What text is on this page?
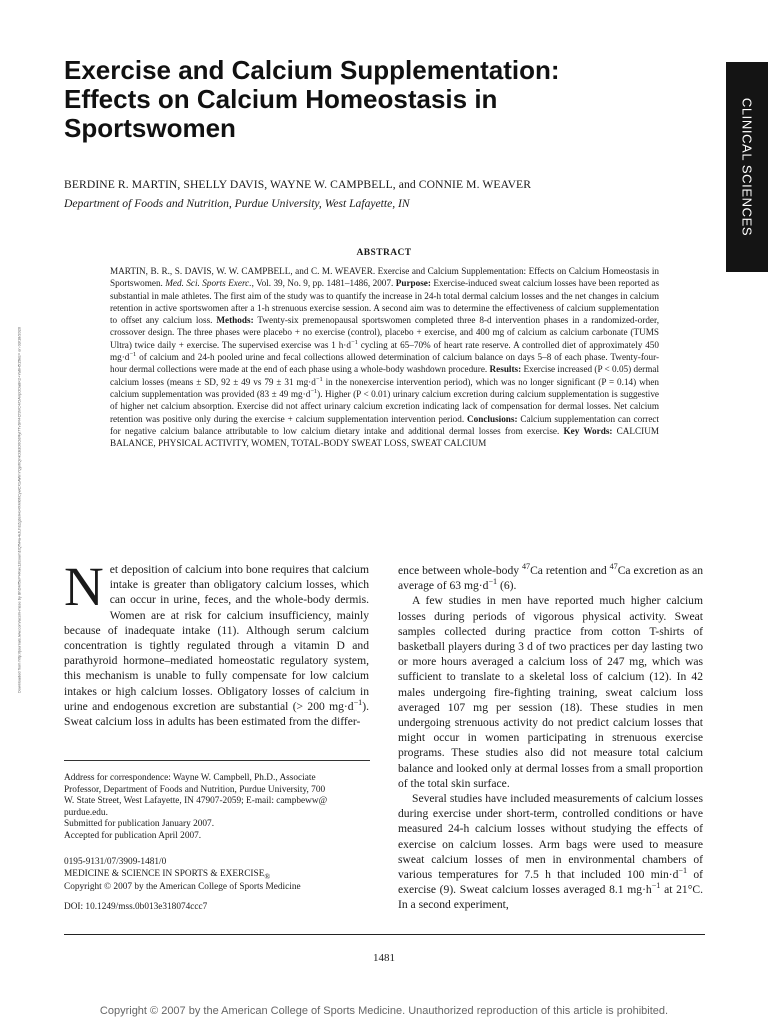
Exercise and Calcium Supplementation:
Effects on Calcium Homeostasis in
Sportswomen
BERDINE R. MARTIN, SHELLY DAVIS, WAYNE W. CAMPBELL, and CONNIE M. WEAVER
Department of Foods and Nutrition, Purdue University, West Lafayette, IN	CLINICAL SCIENCES
Downloaded from http://journals.lww.com/acsm-msse by BhDMf5ePHKav1zEoum1tQfN4a+kJLhEZgbsIHo4XMi0hCywCX1AWnYQp/IlQrHD3i3D0OdRyi7TvSFl4Cf3VC4/OAVpDDa8K2+Ya6H515kE= on 03/18/2020
ABSTRACT

MARTIN, B. R., S. DAVIS, W. W. CAMPBELL, and C. M. WEAVER. Exercise and Calcium Supplementation: Effects on Calcium Homeostasis in Sportswomen. Med. Sci. Sports Exerc., Vol. 39, No. 9, pp. 1481–1486, 2007. Purpose: Exercise-induced sweat calcium losses have been reported as substantial in male athletes. The first aim of the study was to quantify the increase in 24-h total dermal calcium losses and the net changes in calcium retention in active sportswomen after a 1-h strenuous exercise session. A second aim was to determine the effectiveness of calcium supplementation to offset any calcium loss. Methods: Twenty-six premenopausal sportswomen completed three 8-d intervention phases in a randomized-order, crossover design. The three phases were placebo + no exercise (control), placebo + exercise, and 400 mg of calcium as calcium carbonate (TUMS Ultra) twice daily + exercise. The supervised exercise was 1 $h\cdot d^{-1}$ cycling at 65–70% of heart rate reserve. A controlled diet of approximately 450 $mg\cdot d^{-1}$ of calcium and 24-h pooled urine and fecal collections allowed determination of calcium balance on days 5–8 of each phase. Twenty-four-hour dermal collections were made at the end of each phase using a whole-body washdown procedure. Results: Exercise increased (P < 0.05) dermal calcium losses (means ± SD, 92 ± 49 vs 79 ± 31 $mg\cdot d^{-1}$ in the nonexercise intervention period), which was no longer significant (P = 0.14) when calcium supplementation was provided (83 ± 49 $mg\cdot d^{-1}$). Higher (P < 0.01) urinary calcium excretion during calcium supplementation is suggestive of higher net calcium absorption. Exercise did not affect urinary calcium excretion indicating lack of compensation for dermal losses. Net calcium retention was positive only during the exercise + calcium supplementation intervention period. Conclusions: Calcium supplementation can correct for negative calcium balance attributable to low calcium dietary intake and additional dermal losses from exercise. Key Words: CALCIUM BALANCE, PHYSICAL ACTIVITY, WOMEN, TOTAL-BODY SWEAT LOSS, SWEAT CALCIUM

Net deposition of calcium into bone requires that calcium intake is greater than obligatory calcium losses, which can occur in urine, feces, and the whole-body dermis. Women are at risk for calcium insufficiency, mainly because of inadequate intake (11). Although serum calcium concentration is tightly regulated through a vitamin D and parathyroid hormone–mediated homeostatic regulatory system, this mechanism is unable to fully compensate for low calcium intakes or high calcium losses. Obligatory losses of calcium in urine and endogenous excretion are substantial (> 200 $mg\cdot d^{-1}$). Sweat calcium loss in adults has been estimated from the differ-

ence between whole-body $^{47}$Ca retention and $^{47}$Ca excretion as an average of 63 $mg\cdot d^{-1}$ (6).

A few studies in men have reported much higher calcium losses during periods of vigorous physical activity. Sweat samples collected during practice from cotton T-shirts of basketball players during 3 d of two practices per day lasting two or more hours averaged a calcium loss of 247 mg, which was sufficient to translate to a skeletal loss of calcium (12). In 42 males undergoing fire-fighting training, sweat calcium loss averaged 107 mg per session (18). These studies in men undergoing strenuous activity do not predict calcium losses that might occur in women participating in strenuous exercise programs. These studies also did not measure total calcium balance and looked only at dermal losses from a small proportion of the total skin surface.

Several studies have included measurements of calcium losses during exercise under short-term, controlled conditions or have measured 24-h calcium losses without studying the effects of exercise on calcium losses. Arm bags were used to measure sweat calcium losses of men in environmental chambers of various temperatures for 7.5 h that included 100 $\min\cdot d^{-1}$ of exercise (9). Sweat calcium losses averaged 8.1 $mg\cdot h^{-1}$ at 21°C. In a second experiment,

Address for correspondence: Wayne W. Campbell, Ph.D., Associate
Professor, Department of Foods and Nutrition, Purdue University, 700
W. State Street, West Lafayette, IN 47907-2059; E-mail: campbeww@
purdue.edu.
Submitted for publication January 2007.
Accepted for publication April 2007.
0195-9131/07/3909-1481/0
MEDICINE & SCIENCE IN SPORTS & $EXERCISE_®$
Copyright © 2007 by the American College of Sports Medicine
DOI: 10.1249/mss.0b013e318074ccc7
1481
Copyright © 2007 by the American College of Sports Medicine. Unauthorized reproduction of this article is prohibited.
